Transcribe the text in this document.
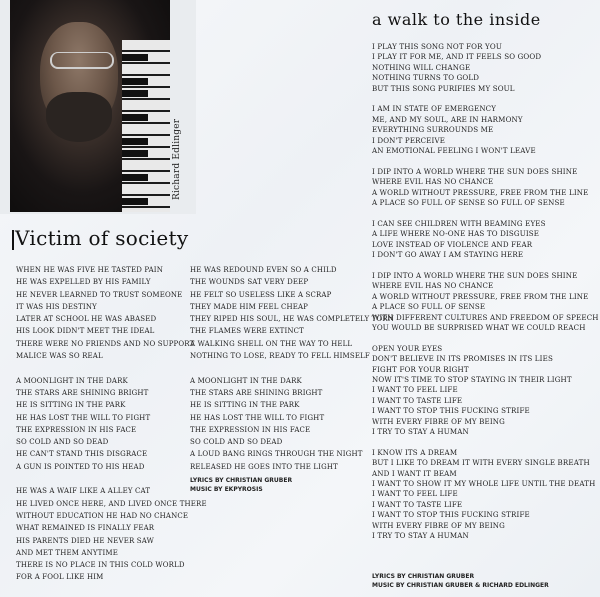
Richard Edlinger
a walk to the inside
Victim of society
WHEN HE WAS FIVE HE TASTED PAIN
HE WAS EXPELLED BY HIS FAMILY
HE NEVER LEARNED TO TRUST SOMEONE
IT WAS HIS DESTINY
LATER AT SCHOOL HE WAS ABASED
HIS LOOK DIDN'T MEET THE IDEAL
THERE WERE NO FRIENDS AND NO SUPPORT
MALICE WAS SO REAL
A MOONLIGHT IN THE DARK
THE STARS ARE SHINING BRIGHT
HE IS SITTING IN THE PARK
HE HAS LOST THE WILL TO FIGHT
THE EXPRESSION IN HIS FACE
SO COLD AND SO DEAD
HE CAN'T STAND THIS DISGRACE
A GUN IS POINTED TO HIS HEAD
HE WAS A WAIF LIKE A ALLEY CAT
HE LIVED ONCE HERE, AND LIVED ONCE THERE
WITHOUT EDUCATION HE HAD NO CHANCE
WHAT REMAINED IS FINALLY FEAR
HIS PARENTS DIED HE NEVER SAW
AND MET THEM ANYTIME
THERE IS NO PLACE IN THIS COLD WORLD
FOR A FOOL LIKE HIM
HE WAS REDOUND EVEN SO A CHILD
THE WOUNDS SAT VERY DEEP
HE FELT SO USELESS LIKE A SCRAP
THEY MADE HIM FEEL CHEAP
THEY RIPED HIS SOUL, HE WAS COMPLETELY TORN
THE FLAMES WERE EXTINCT
A WALKING SHELL ON THE WAY TO HELL
NOTHING TO LOSE, READY TO FELL HIMSELF
A MOONLIGHT IN THE DARK
THE STARS ARE SHINING BRIGHT
HE IS SITTING IN THE PARK
HE HAS LOST THE WILL TO FIGHT
THE EXPRESSION IN HIS FACE
SO COLD AND SO DEAD
A LOUD BANG RINGS THROUGH THE NIGHT
RELEASED HE GOES INTO THE LIGHT
I PLAY THIS SONG NOT FOR YOU
I PLAY IT FOR ME, AND IT FEELS SO GOOD
NOTHING WILL CHANGE
NOTHING TURNS TO GOLD
BUT THIS SONG PURIFIES MY SOUL
I AM IN STATE OF EMERGENCY
ME, AND MY SOUL, ARE IN HARMONY
EVERYTHING SURROUNDS ME
I DON'T PERCEIVE
AN EMOTIONAL FEELING I WON'T LEAVE
I DIP INTO A WORLD WHERE THE SUN DOES SHINE
WHERE EVIL HAS NO CHANCE
A WORLD WITHOUT PRESSURE, FREE FROM THE LINE
A PLACE SO FULL OF SENSE SO FULL OF SENSE
I CAN SEE CHILDREN WITH BEAMING EYES
A LIFE WHERE NO-ONE HAS TO DISGUISE
LOVE INSTEAD OF VIOLENCE AND FEAR
I DON'T GO AWAY I AM STAYING HERE
I DIP INTO A WORLD WHERE THE SUN DOES SHINE
WHERE EVIL HAS NO CHANCE
A WORLD WITHOUT PRESSURE, FREE FROM THE LINE
A PLACE SO FULL OF SENSE
WITH DIFFERENT CULTURES AND FREEDOM OF SPEECH
YOU WOULD BE SURPRISED WHAT WE COULD REACH
OPEN YOUR EYES
DON'T BELIEVE IN ITS PROMISES IN ITS LIES
FIGHT FOR YOUR RIGHT
NOW IT'S TIME TO STOP STAYING IN THEIR LIGHT
I WANT TO FEEL LIFE
I WANT TO TASTE LIFE
I WANT TO STOP THIS FUCKING STRIFE
WITH EVERY FIBRE OF MY BEING
I TRY TO STAY A HUMAN
I KNOW ITS A DREAM
BUT I LIKE TO DREAM IT WITH EVERY SINGLE BREATH
AND I WANT IT BEAM
I WANT TO SHOW IT MY WHOLE LIFE UNTIL THE DEATH
I WANT TO FEEL LIFE
I WANT TO TASTE LIFE
I WANT TO STOP THIS FUCKING STRIFE
WITH EVERY FIBRE OF MY BEING
I TRY TO STAY A HUMAN
LYRICS BY CHRISTIAN GRUBER
MUSIC BY EKPYROSIS
LYRICS BY CHRISTIAN GRUBER
MUSIC BY CHRISTIAN GRUBER & RICHARD EDLINGER
